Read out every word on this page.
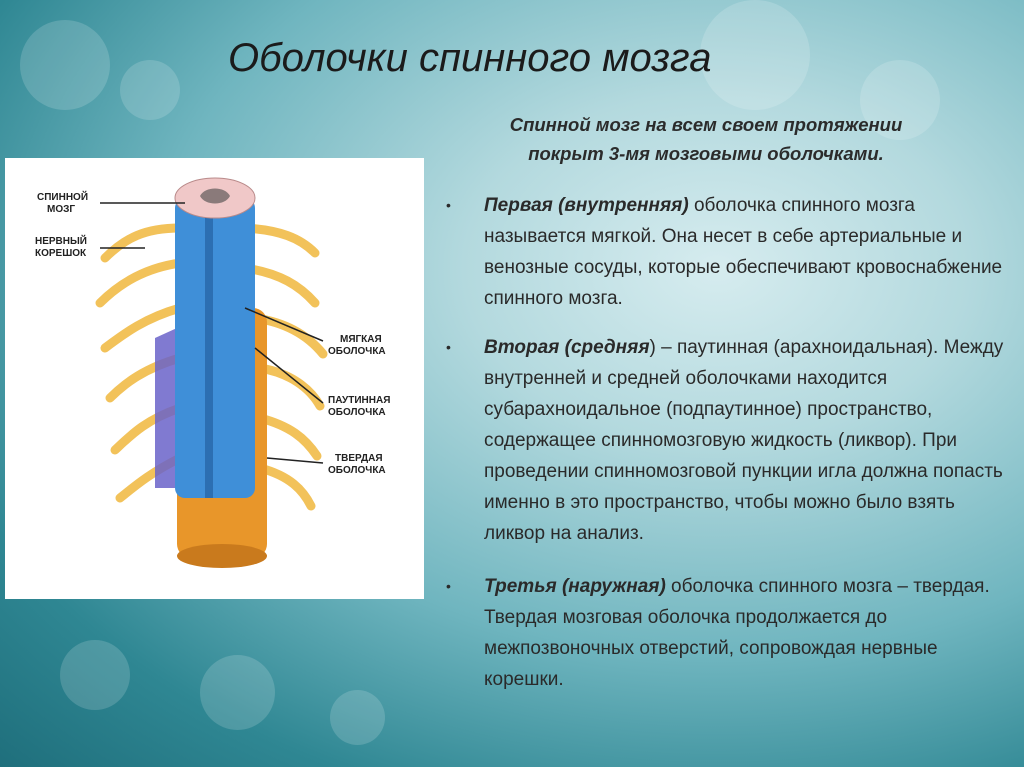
Оболочки спинного мозга
Спинной мозг на всем своем протяжении
покрыт 3-мя мозговыми оболочками.
• Первая (внутренняя) оболочка спинного мозга называется мягкой. Она несет в себе артериальные и венозные сосуды, которые обеспечивают кровоснабжение спинного мозга.
• Вторая (средняя) – паутинная (арахноидальная). Между внутренней и средней оболочками находится субарахноидальное (подпаутинное) пространство, содержащее спинномозговую жидкость (ликвор). При проведении спинномозговой пункции игла должна попасть именно в это пространство, чтобы можно было взять ликвор на анализ.
• Третья (наружная) оболочка спинного мозга – твердая. Твердая мозговая оболочка продолжается до межпозвоночных отверстий, сопровождая нервные корешки.
СПИННОЙ
МОЗГ
НЕРВНЫЙ
КОРЕШОК
МЯГКАЯ
ОБОЛОЧКА
ПАУТИННАЯ
ОБОЛОЧКА
ТВЕРДАЯ
ОБОЛОЧКА
